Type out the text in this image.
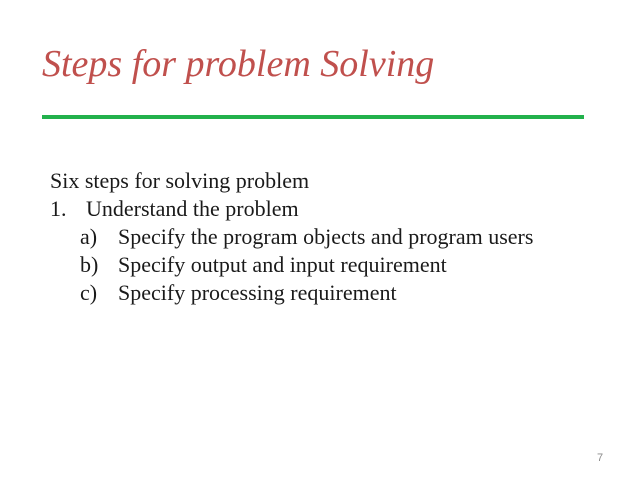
Steps for problem Solving

Six steps for solving problem

1. Understand the problem

a) Specify the program objects and program users
b) Specify output and input requirement
c) Specify processing requirement
7
